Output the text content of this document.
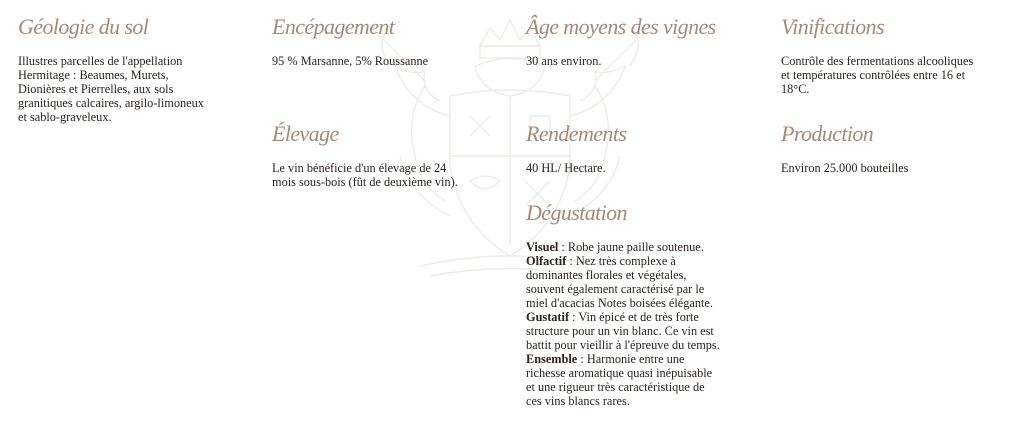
Géologie du sol

Illustres parcelles de l'appellation
Hermitage : Beaumes, Murets,
Dionières et Pierrelles, aux sols
granitiques calcaires, argilo-limoneux
et sablo-graveleux.

Encépagement

95 % Marsanne, 5% Roussanne

Élevage

Le vin bénéficie d'un élevage de 24
mois sous-bois (fût de deuxième vin).

Âge moyens des vignes

30 ans environ.

Rendements

40 HL/ Hectare.

Dégustation

Visuel : Robe jaune paille soutenue.
Olfactif : Nez très complexe à
dominantes florales et végétales,
souvent également caractérisé par le
miel d'acacias Notes boisées élégante.
Gustatif : Vin épicé et de très forte
structure pour un vin blanc. Ce vin est
battit pour vieillir à l'épreuve du temps.
Ensemble : Harmonie entre une
richesse aromatique quasi inépuisable
et une rigueur très caractéristique de
ces vins blancs rares.

Vinifications

Contrôle des fermentations alcooliques
et températures contrôlées entre 16 et
18°C.

Production

Environ 25.000 bouteilles
